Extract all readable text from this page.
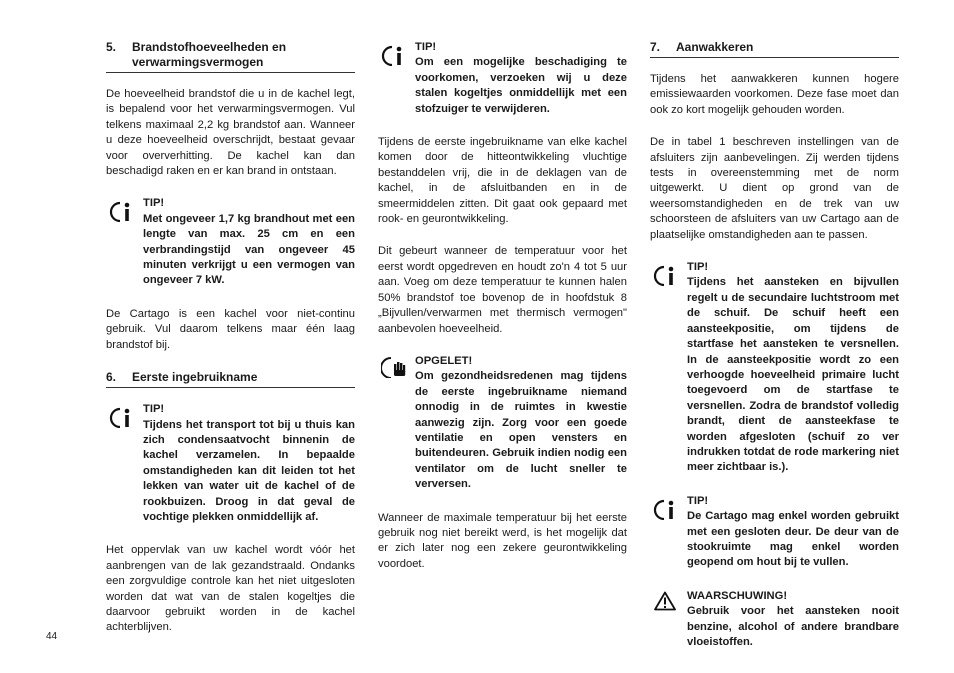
5.	Brandstofhoeveelheden en verwarmingsvermogen

De hoeveelheid brandstof die u in de kachel legt, is bepalend voor het verwarmingsvermogen. Vul telkens maximaal 2,2 kg brandstof aan. Wanneer u deze hoeveelheid overschrijdt, bestaat gevaar voor oververhitting. De kachel kan dan beschadigd raken en er kan brand in ontstaan.

TIP!
Met ongeveer 1,7 kg brandhout met een lengte van max. 25 cm en een verbrandingstijd van ongeveer 45 minuten verkrijgt u een vermogen van ongeveer 7 kW.

De Cartago is een kachel voor niet-continu gebruik. Vul daarom telkens maar één laag brandstof bij.

6.	Eerste ingebruikname
TIP!
Tijdens het transport tot bij u thuis kan zich condensaatvocht binnenin de kachel verzamelen. In bepaalde omstandigheden kan dit leiden tot het lekken van water uit de kachel of de rookbuizen. Droog in dat geval de vochtige plekken onmiddellijk af.

Het oppervlak van uw kachel wordt vóór het aanbrengen van de lak gezandstraald. Ondanks een zorgvuldige controle kan het niet uitgesloten worden dat wat van de stalen kogeltjes die daarvoor gebruikt worden in de kachel achterblijven.

TIP!
Om een mogelijke beschadiging te voorkomen, verzoeken wij u deze stalen kogeltjes onmiddellijk met een stofzuiger te verwijderen.

Tijdens de eerste ingebruikname van elke kachel komen door de hitteontwikkeling vluchtige bestanddelen vrij, die in de deklagen van de kachel, in de afsluitbanden en in de smeermiddelen zitten. Dit gaat ook gepaard met rook- en geurontwikkeling.

Dit gebeurt wanneer de temperatuur voor het eerst wordt opgedreven en houdt zo'n 4 tot 5 uur aan. Voeg om deze temperatuur te kunnen halen 50% brandstof toe bovenop de in hoofdstuk 8 „Bijvullen/verwarmen met thermisch vermogen" aanbevolen hoeveelheid.

OPGELET!
Om gezondheidsredenen mag tijdens de eerste ingebruikname niemand onnodig in de ruimtes in kwestie aanwezig zijn. Zorg voor een goede ventilatie en open vensters en buitendeuren. Gebruik indien nodig een ventilator om de lucht sneller te verversen.

Wanneer de maximale temperatuur bij het eerste gebruik nog niet bereikt werd, is het mogelijk dat er zich later nog een zekere geurontwikkeling voordoet.

7.	Aanwakkeren

Tijdens het aanwakkeren kunnen hogere emissiewaarden voorkomen. Deze fase moet dan ook zo kort mogelijk gehouden worden.

De in tabel 1 beschreven instellingen van de afsluiters zijn aanbevelingen. Zij werden tijdens tests in overeenstemming met de norm uitgewerkt. U dient op grond van de weersomstandigheden en de trek van uw schoorsteen de afsluiters van uw Cartago aan de plaatselijke omstandigheden aan te passen.

TIP!
Tijdens het aansteken en bijvullen regelt u de secundaire luchtstroom met de schuif. De schuif heeft een aansteekpositie, om tijdens de startfase het aansteken te versnellen. In de aansteekpositie wordt zo een verhoogde hoeveelheid primaire lucht toegevoerd om de startfase te versnellen. Zodra de brandstof volledig brandt, dient de aansteekfase te worden afgesloten (schuif zo ver indrukken totdat de rode markering niet meer zichtbaar is.).
TIP!
De Cartago mag enkel worden gebruikt met een gesloten deur. De deur van de stookruimte mag enkel worden geopend om hout bij te vullen.
WAARSCHUWING!
Gebruik voor het aansteken nooit benzine, alcohol of andere brandbare vloeistoffen.
44
